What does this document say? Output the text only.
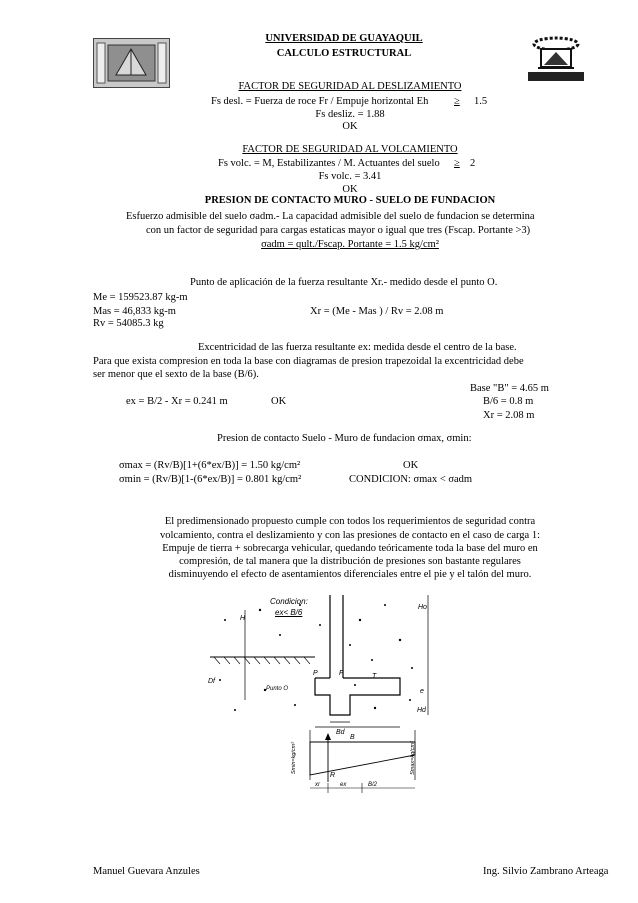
UNIVERSIDAD DE GUAYAQUIL
CALCULO ESTRUCTURAL
FACTOR DE SEGURIDAD AL DESLIZAMIENTO
Fs desl. = Fuerza de roce Fr / Empuje horizontal Eh ≥ 1.5
Fs desliz. = 1.88
OK
FACTOR DE SEGURIDAD AL VOLCAMIENTO
Fs volc. = M, Estabilizantes / M. Actuantes del suelo ≥ 2
Fs volc. = 3.41
OK
PRESION DE CONTACTO MURO - SUELO DE FUNDACION
Esfuerzo admisible del suelo σadm.- La capacidad admisible del suelo de fundacion se determina
con un factor de seguridad para cargas estaticas mayor o igual que tres (Fscap. Portante >3)
σadm = qult./Fscap. Portante = 1.5 kg/cm²
Punto de aplicación de la fuerza resultante Xr.- medido desde el punto O.
Me = 159523.87 kg-m
Mas = 46,833 kg-m	Xr = (Me - Mas ) / Rv = 2.08 m
Rv = 54085.3 kg
Excentricidad de las fuerza resultante ex: medida desde el centro de la base.
Para que exista compresion en toda la base con diagramas de presion trapezoidal la excentricidad debe
ser menor que el sexto de la base (B/6).
Base "B" = 4.65 m
ex = B/2 - Xr = 0.241 m	OK	B/6 = 0.8 m
Xr = 2.08 m
Presion de contacto Suelo - Muro de fundacion σmax, σmin:
σmax = (Rv/B)[1+(6*ex/B)] = 1.50 kg/cm²
σmin = (Rv/B)[1-(6*ex/B)] = 0.801 kg/cm²
OK
CONDICION: σmax < σadm
El predimensionado propuesto cumple con todos los requerimientos de seguridad contra
volcamiento, contra el deslizamiento y con las presiones de contacto en el caso de carga 1:
Empuje de tierra + sobrecarga vehicular, quedando teóricamente toda la base del muro en
compresión, de tal manera que la distribución de presiones son bastante regulares
disminuyendo el efecto de asentamientos diferenciales entre el pie y el talón del muro.
Condicion:
ex< B/6
H
Ho
Df
P	F	T
Punto O	e
Hd
Bd
B
Smin=kg/cm²	Smax=kg/cm²
R
xr	ex	B/2
Manuel Guevara Anzules	Ing. Silvio Zambrano Arteaga
